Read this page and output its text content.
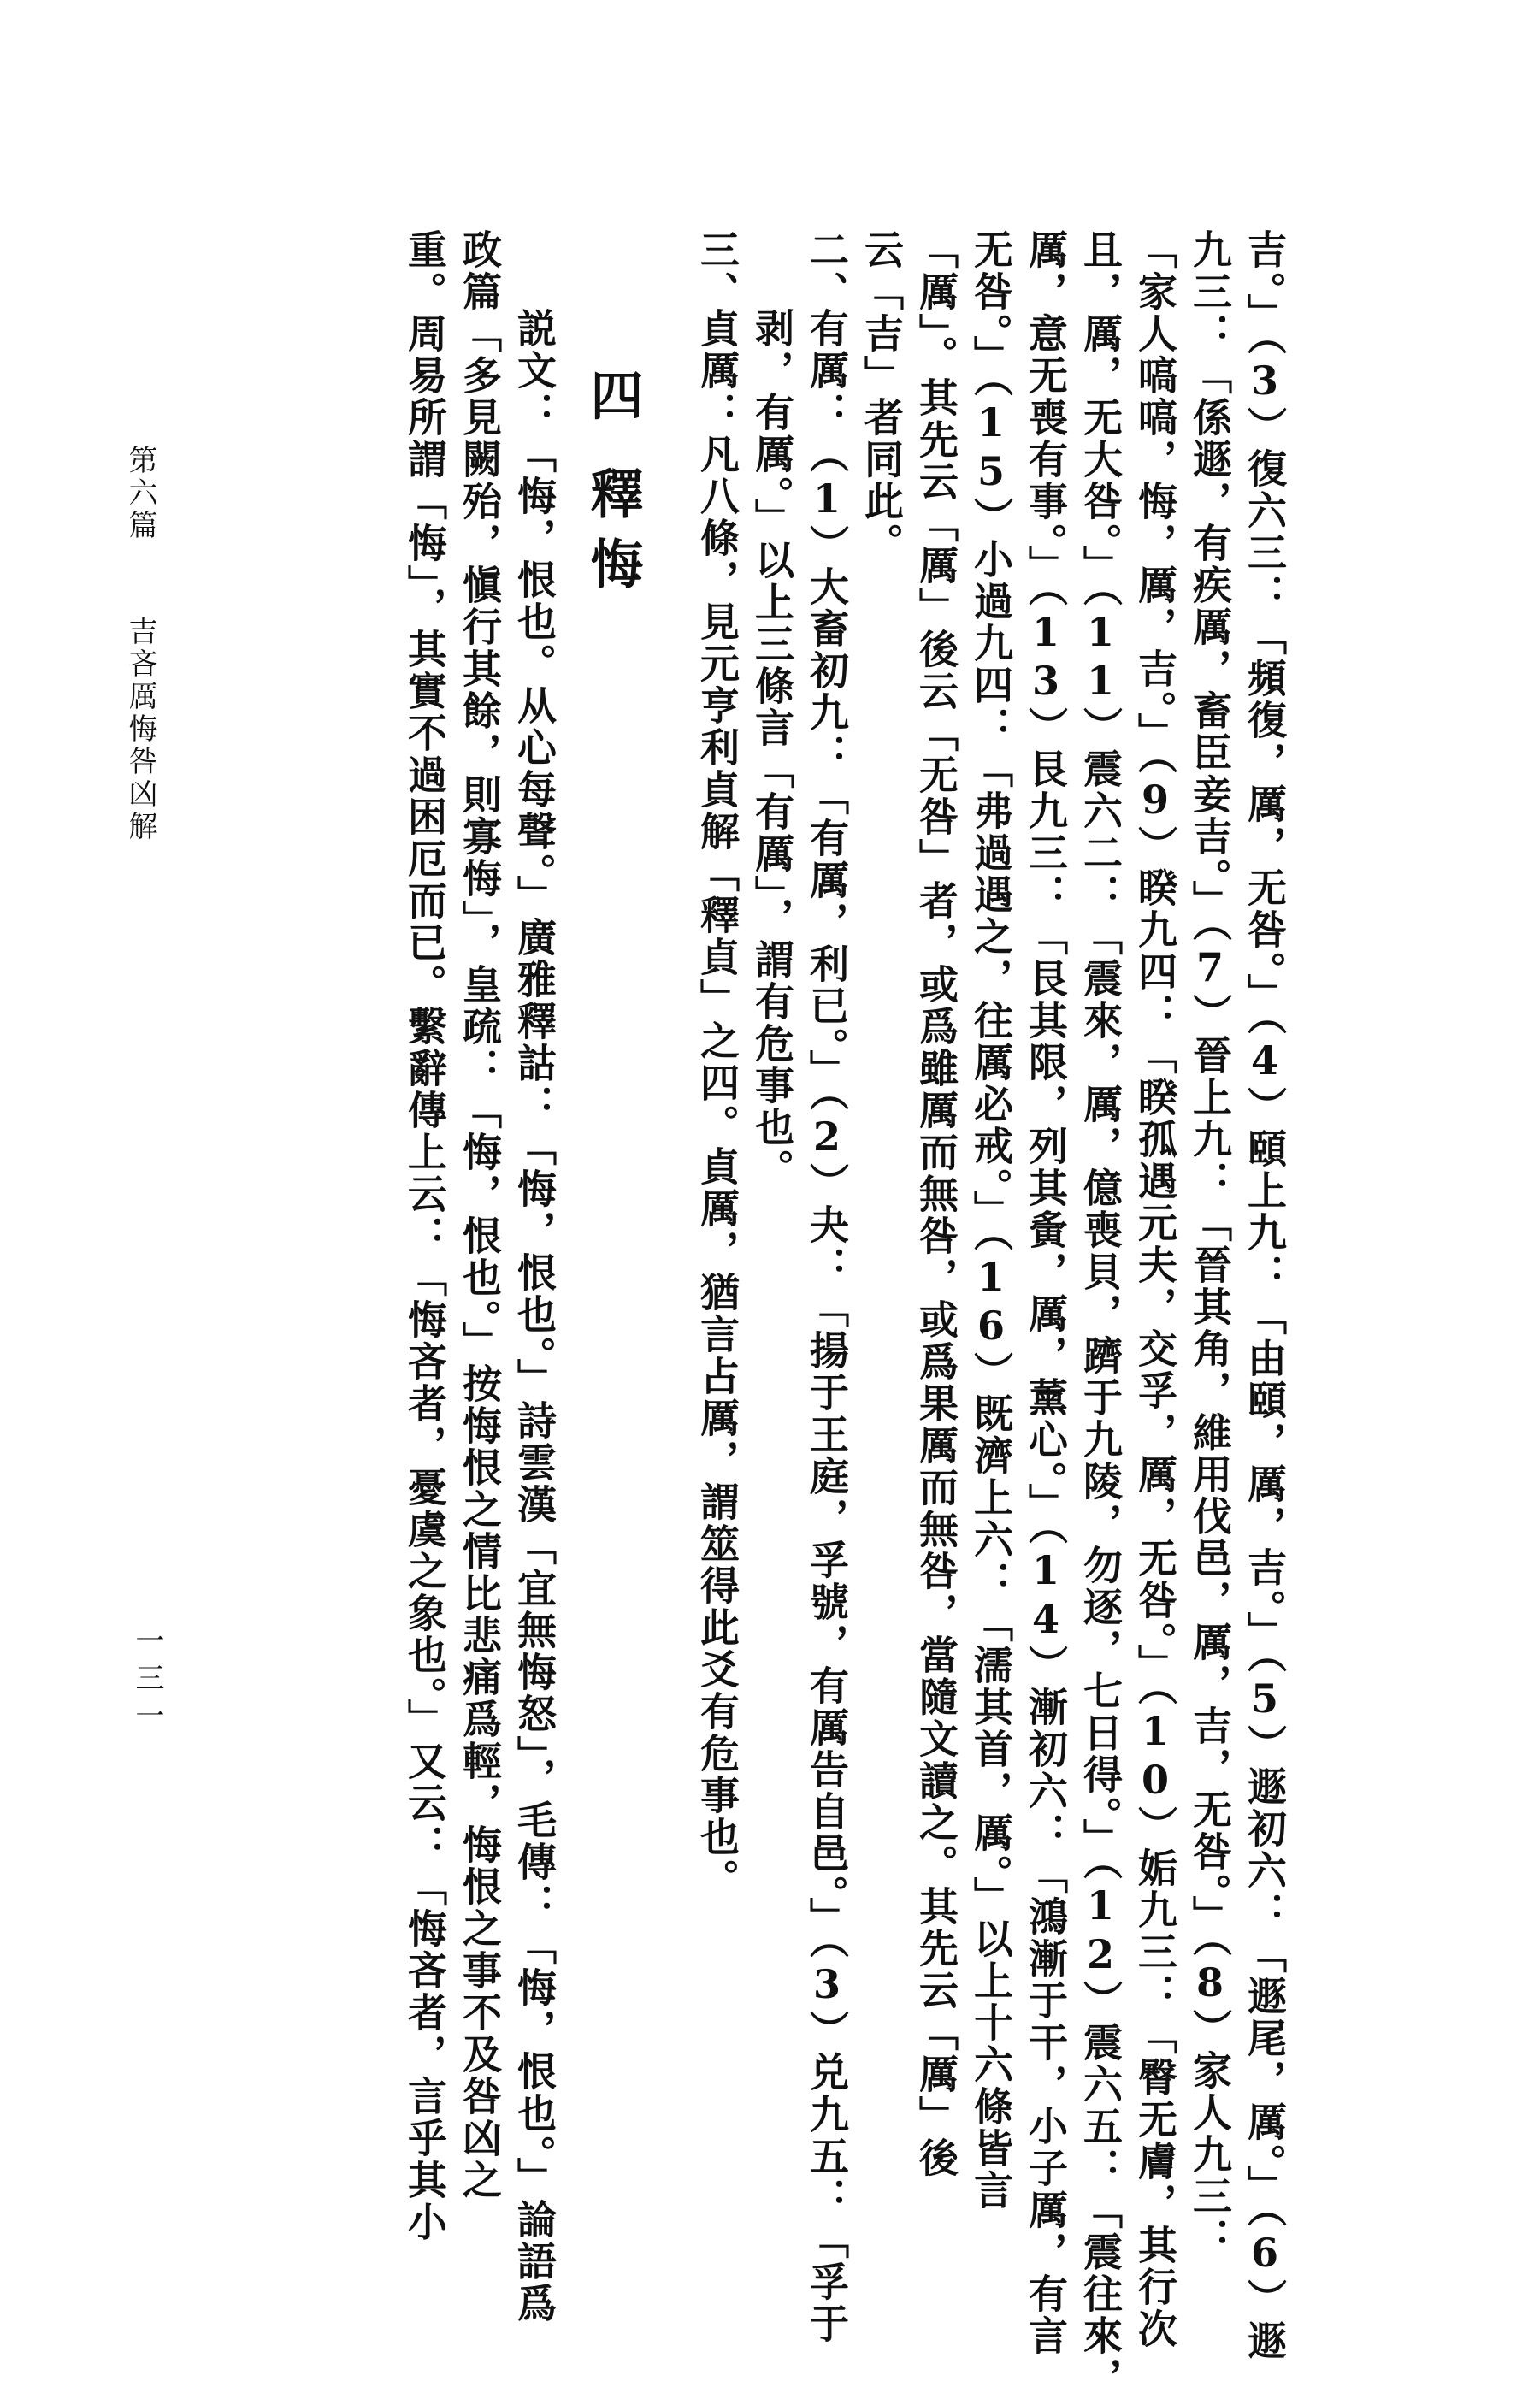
吉。」（3）復六三：「頻復，厲，无咎。」（4）頤上九：「由頤，厲，吉。」（5）遯初六：「遯尾，厲。」（6）遯
九三：「係遯，有疾厲，畜臣妾吉。」（7）晉上九：「晉其角，維用伐邑，厲，吉，无咎。」（8）家人九三：
「家人嗃嗃，悔，厲，吉。」（9）睽九四：「睽孤遇元夫，交孚，厲，无咎。」（10）姤九三：「臀无膚，其行次
且，厲，无大咎。」（11）震六二：「震來，厲，億喪貝，躋于九陵，勿逐，七日得。」（12）震六五：「震往來，
厲，意无喪有事。」（13）艮九三：「艮其限，列其夤，厲，薰心。」（14）漸初六：「鴻漸于干，小子厲，有言
无咎。」（15）小過九四：「弗過遇之，往厲必戒。」（16）既濟上六：「濡其首，厲。」以上十六條皆言
「厲」。其先云「厲」後云「无咎」者，或爲雖厲而無咎，或爲果厲而無咎，當隨文讀之。其先云「厲」後
云「吉」者同此。
二、
有厲：（1）大畜初九：「有厲，利已。」（2）夬：「揚于王庭，孚號，有厲告自邑。」（3）兑九五：「孚于
剥，有厲。」以上三條言「有厲」，謂有危事也。
三、
貞厲：凡八條，見元亨利貞解「釋貞」之四。貞厲，猶言占厲，謂筮得此爻有危事也。
四
釋悔
説文：「悔，恨也。从心每聲。」廣雅釋詁：「悔，恨也。」詩雲漢「宜無悔怒」，毛傳：「悔，恨也。」論語爲
政篇「多見闕殆，愼行其餘，則寡悔」，皇疏：「悔，恨也。」按悔恨之情比悲痛爲輕，悔恨之事不及咎凶之
重。周易所謂「悔」，其實不過困厄而已。繫辭傳上云：「悔吝者，憂虞之象也。」又云：「悔吝者，言乎其小
第六篇
吉吝厲悔咎凶解
一三一
